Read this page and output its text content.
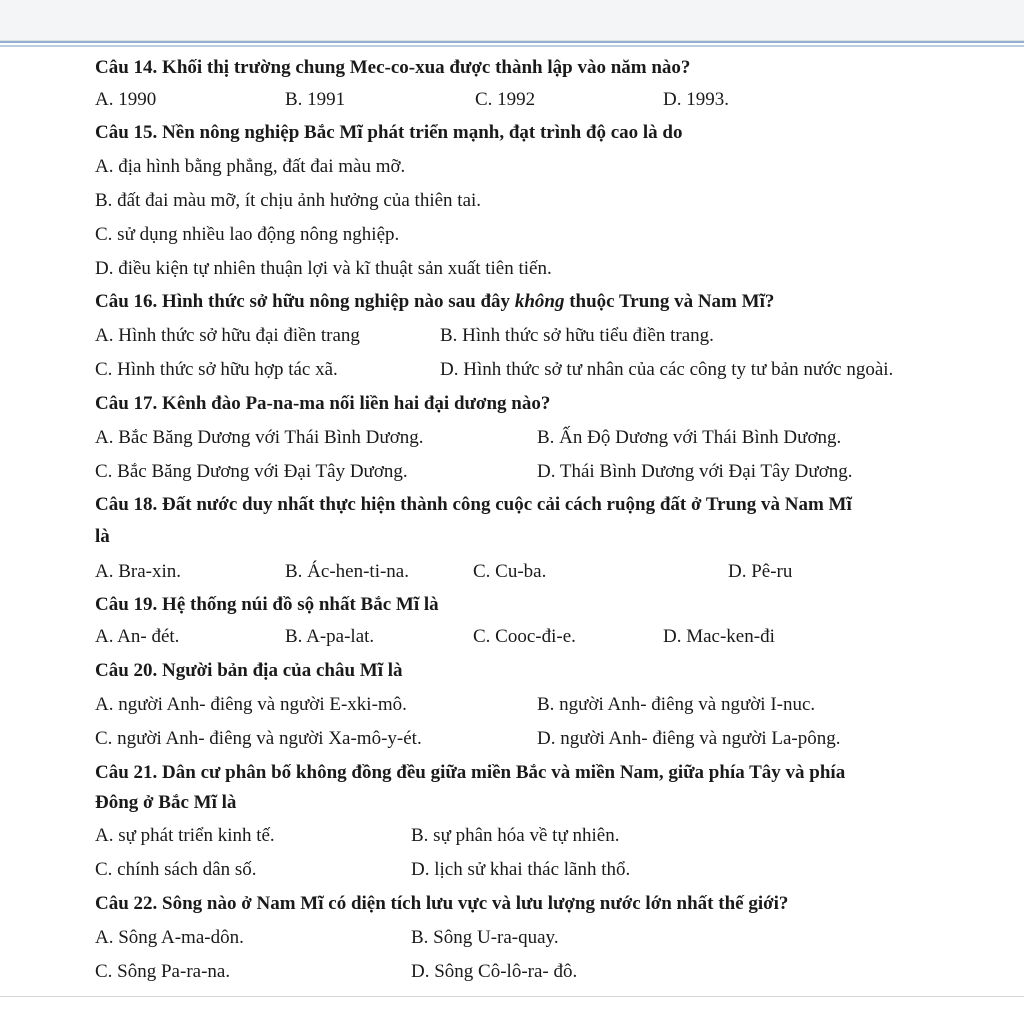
Câu 14. Khối thị trường chung Mec-co-xua được thành lập vào năm nào?
A. 1990	B. 1991	C. 1992	D. 1993.
Câu 15. Nền nông nghiệp Bắc Mĩ phát triển mạnh, đạt trình độ cao là do
A. địa hình bằng phẳng, đất đai màu mỡ.
B. đất đai màu mỡ, ít chịu ảnh hưởng của thiên tai.
C. sử dụng nhiều lao động nông nghiệp.
D. điều kiện tự nhiên thuận lợi và kĩ thuật sản xuất tiên tiến.
Câu 16. Hình thức sở hữu nông nghiệp nào sau đây không thuộc Trung và Nam Mĩ?
A. Hình thức sở hữu đại điền trang	B. Hình thức sở hữu tiểu điền trang.
C. Hình thức sở hữu hợp tác xã.	D. Hình thức sở tư nhân của các công ty tư bản nước ngoài.
Câu 17. Kênh đào Pa-na-ma nối liền hai đại dương nào?
A. Bắc Băng Dương với Thái Bình Dương.	B. Ấn Độ Dương với Thái Bình Dương.
C. Bắc Băng Dương với Đại Tây Dương.	D. Thái Bình Dương với Đại Tây Dương.
Câu 18. Đất nước duy nhất thực hiện thành công cuộc cải cách ruộng đất ở Trung và Nam Mĩ
là
A. Bra-xin.	B. Ác-hen-ti-na.	C. Cu-ba.	D. Pê-ru
Câu 19. Hệ thống núi đồ sộ nhất Bắc Mĩ là
A. An- đét.	B. A-pa-lat.	C. Cooc-đi-e.	D. Mac-ken-đi
Câu 20. Người bản địa của châu Mĩ là
A. người Anh- điêng và người E-xki-mô.	B. người Anh- điêng và người I-nuc.
C. người Anh- điêng và người Xa-mô-y-ét.	D. người Anh- điêng và người La-pông.
Câu 21. Dân cư phân bố không đồng đều giữa miền Bắc và miền Nam, giữa phía Tây và phía
Đông ở Bắc Mĩ là
A. sự phát triển kinh tế.	B. sự phân hóa về tự nhiên.
C. chính sách dân số.	D. lịch sử khai thác lãnh thổ.
Câu 22. Sông nào ở Nam Mĩ có diện tích lưu vực và lưu lượng nước lớn nhất thế giới?
A. Sông A-ma-dôn.	B. Sông U-ra-quay.
C. Sông Pa-ra-na.	D. Sông Cô-lô-ra- đô.
